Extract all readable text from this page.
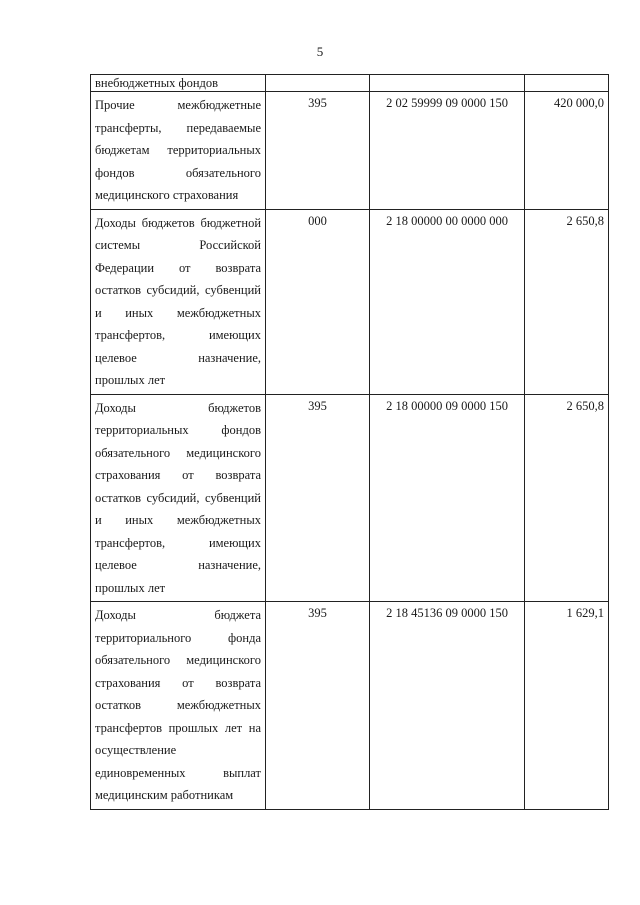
5
внебюджетных фондов			

Прочие межбюджетные трансферты, передаваемые бюджетам территориальных фондов обязательного
медицинского страхования	395	2 02 59999 09 0000 150	420 000,0
Доходы бюджетов бюджетной системы Российской Федерации от возврата остатков субсидий, субвенций и иных межбюджетных трансфертов, имеющих целевое назначение,
прошлых лет	000	2 18 00000 00 0000 000	2 650,8
Доходы бюджетов территориальных фондов обязательного медицинского страхования от возврата остатков субсидий, субвенций и иных межбюджетных трансфертов, имеющих целевое назначение,
прошлых лет	395	2 18 00000 09 0000 150	2 650,8
Доходы бюджета территориального фонда обязательного медицинского страхования от возврата остатков межбюджетных трансфертов прошлых лет на осуществление единовременных выплат
медицинским работникам	395	2 18 45136 09 0000 150	1 629,1
